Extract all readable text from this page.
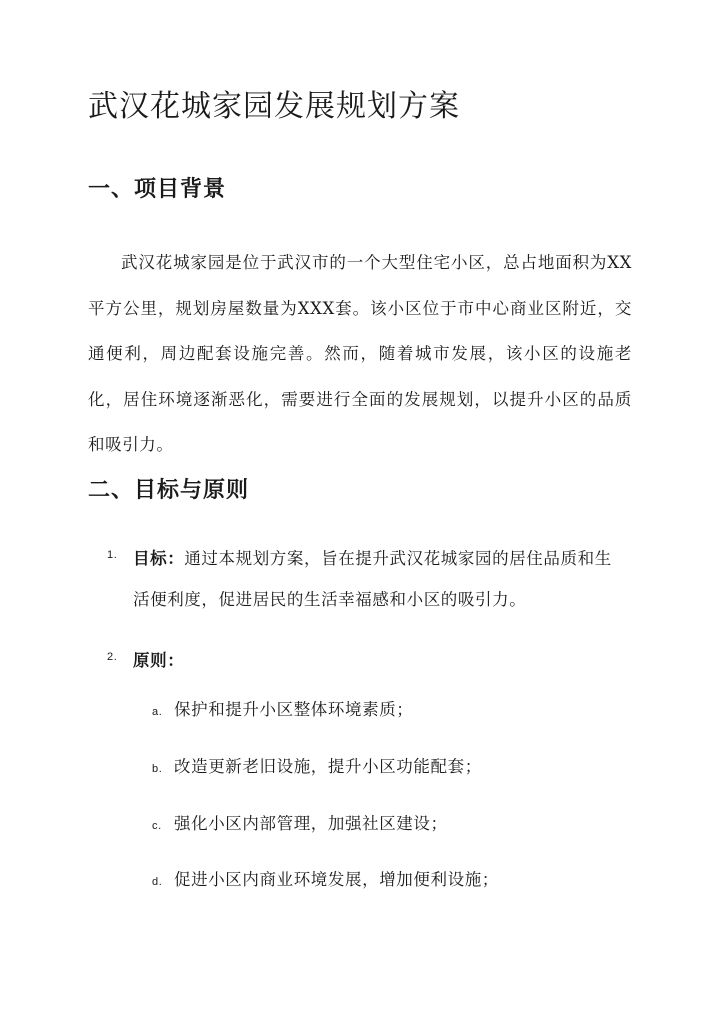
武汉花城家园发展规划方案
一、项目背景

武汉花城家园是位于武汉市的一个大型住宅小区，总占地面积为XX平方公里，规划房屋数量为XXX套。该小区位于市中心商业区附近，交通便利，周边配套设施完善。然而，随着城市发展，该小区的设施老化，居住环境逐渐恶化，需要进行全面的发展规划，以提升小区的品质和吸引力。

二、目标与原则
1. 目标：通过本规划方案，旨在提升武汉花城家园的居住品质和生活便利度，促进居民的生活幸福感和小区的吸引力。
2. 原则：
a. 保护和提升小区整体环境素质；
b. 改造更新老旧设施，提升小区功能配套；
c. 强化小区内部管理，加强社区建设；
d. 促进小区内商业环境发展，增加便利设施；
